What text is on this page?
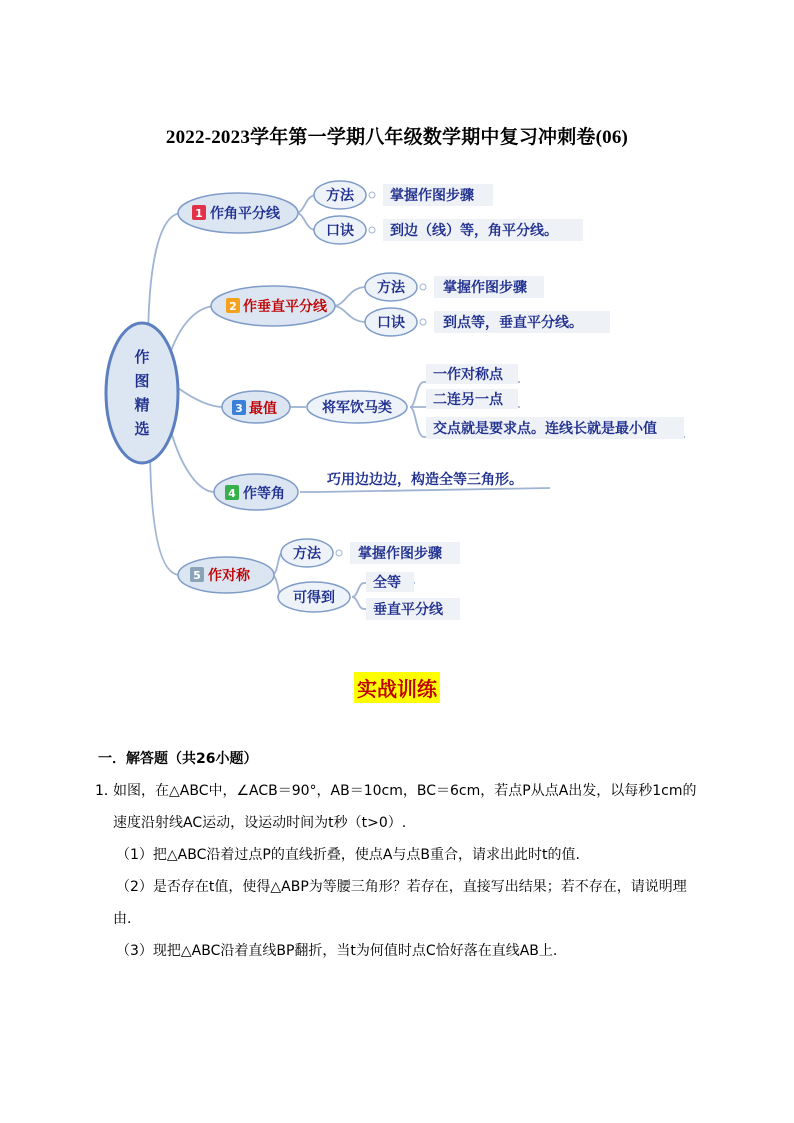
2022-2023学年第一学期八年级数学期中复习冲刺卷(06)
作
图
精
选
1 作角平分线
方法	掌握作图步骤
口诀	到边（线）等，角平分线。
2 作垂直平分线
方法	掌握作图步骤
口诀	到点等，垂直平分线。
3 最值	将军饮马类
一作对称点
二连另一点
交点就是要求点。连线长就是最小值
4 作等角
巧用边边边，构造全等三角形。
5 作对称
方法	掌握作图步骤
可得到
全等
垂直平分线
实战训练
一．解答题（共26小题）
1．
如图，在△ABC中，∠ACB＝90°，AB＝10cm，BC＝6cm，若点P从点A出发，以每秒1cm的
速度沿射线AC运动，设运动时间为t秒（t>0）.
（1）把△ABC沿着过点P的直线折叠，使点A与点B重合，请求出此时t的值.
（2）是否存在t值，使得△ABP为等腰三角形？若存在，直接写出结果；若不存在，请说明理
由.
（3）现把△ABC沿着直线BP翻折，当t为何值时点C恰好落在直线AB上.
